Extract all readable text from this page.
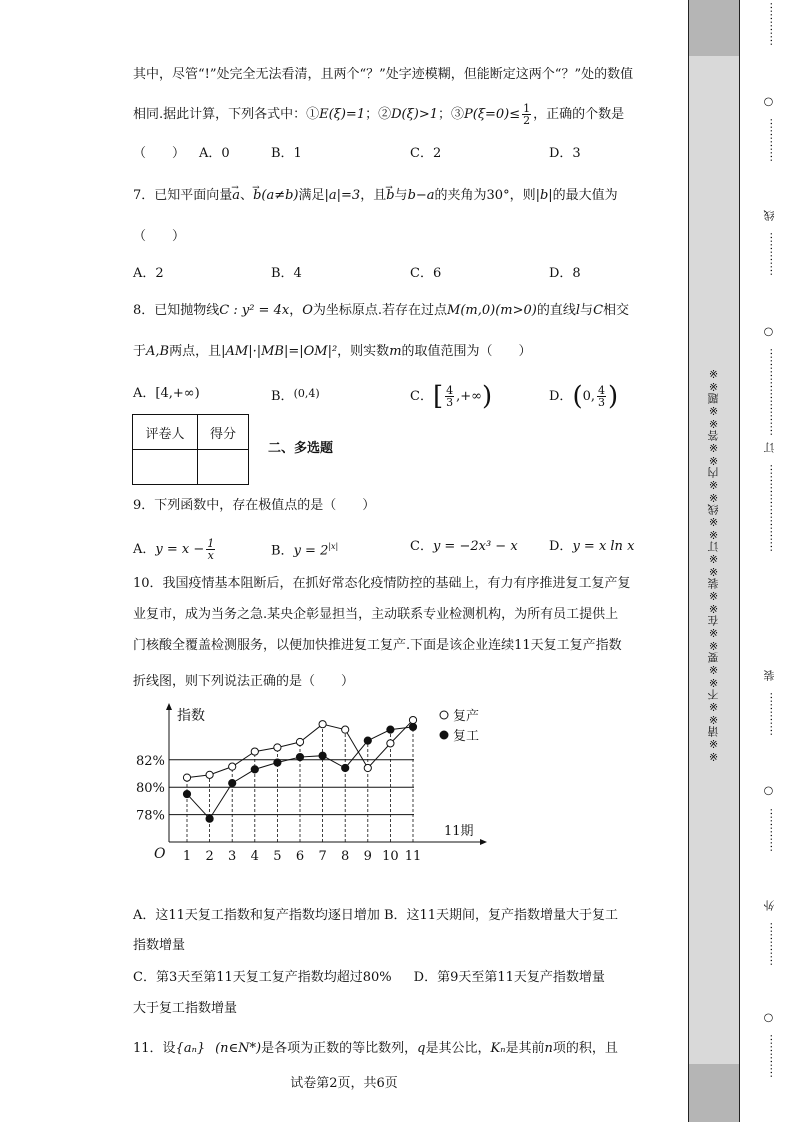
其中，尽管“!”处完全无法看清，且两个“？”处字迹模糊，但能断定这两个“？”处的数值
相同.据此计算，下列各式中：①E(ξ)=1；②D(ξ)>1；③P(ξ=0)≤ $\frac{1}{2}$ ，正确的个数是
（　　） A．0	B．1	C．2	D．3
7．已知平面向量→ a、→ b(a≠b)满足|a|=3，且→ b与b−a的夹角为30°，则|b|的最大值为
（　　）
A．2	B．4	C．6	D．8
8．已知抛物线C : y² = 4x，O为坐标原点.若存在过点M(m,0)(m>0)的直线l与C相交
于A,B两点，且|AM|·|MB|=|OM|²，则实数m的取值范围为（　　）
A．[4,+∞)	B．$^{(0,4)}$	C．[ $\frac{4}{3}$ ,+∞)	D．(0, $\frac{4}{3}$ )
评卷人	得分

二、多选题
9．下列函数中，存在极值点的是（　　）
A．$y = x - \frac{1}{x}$	B．$y = 2^{|x|}$	C．y = −2x³ − x D．y = x ln x
10．我国疫情基本阻断后，在抓好常态化疫情防控的基础上，有力有序推进复工复产复
业复市，成为当务之急.某央企彰显担当，主动联系专业检测机构，为所有员工提供上
门核酸全覆盖检测服务，以便加快推进复工复产.下面是该企业连续11天复工复产指数
折线图，则下列说法正确的是（　　）
78%
80%
82%
1 2 3 4 5 6 7 8 9 10 11
指数
11期
O
复产
复工
A．这11天复工指数和复产指数均逐日增加 B．这11天期间，复产指数增量大于复工
指数增量
C．第3天至第11天复工复产指数均超过80% D．第9天至第11天复产指数增量
大于复工指数增量
11．设{aₙ} (n∈N*)是各项为正数的等比数列，q是其公比，Kₙ是其前n项的积，且
试卷第2页，共6页
※※请※※不※※要※※在※※装※※订※※线※※内※※答※※题※※
…………
○
…………
线
…………
○
……………………
订
……………………
装
…………
○
…………
外
…………
○
…………
